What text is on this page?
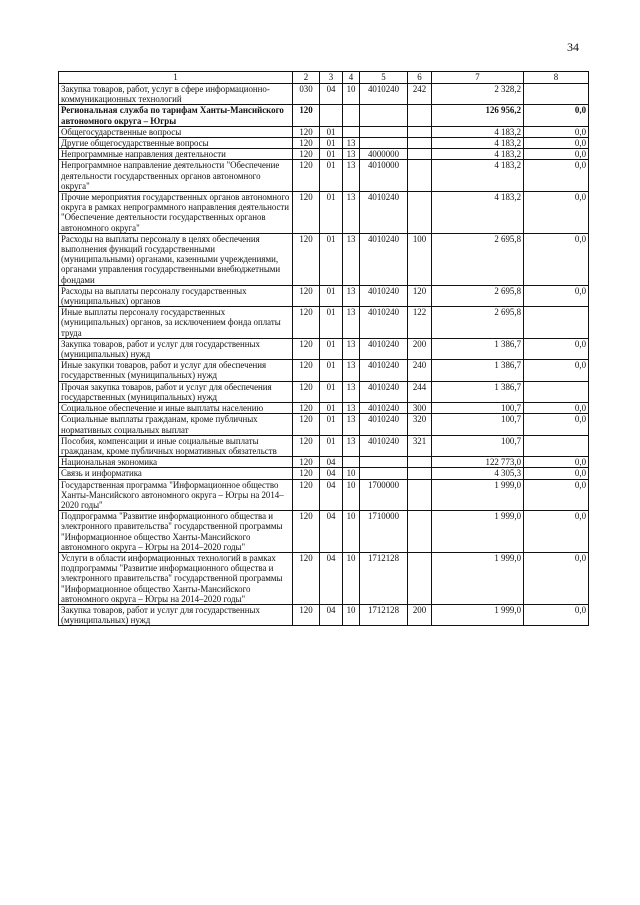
34
1	2	3	4	5	6	7	8
Закупка товаров, работ, услуг в сфере информационно-коммуникационных технологий	030	04	10	4010240	242	2 328,2	
Региональная служба по тарифам Ханты-Мансийского автономного округа – Югры	120					126 956,2	0,0
Общегосударственные вопросы	120	01				4 183,2	0,0
Другие общегосударственные вопросы	120	01	13			4 183,2	0,0
Непрограммные направления деятельности	120	01	13	4000000		4 183,2	0,0
Непрограммное направление деятельности "Обеспечение деятельности государственных органов автономного округа"	120	01	13	4010000		4 183,2	0,0
Прочие мероприятия государственных органов автономного округа в рамках непрограммного направления деятельности "Обеспечение деятельности государственных органов автономного округа"	120	01	13	4010240		4 183,2	0,0
Расходы на выплаты персоналу в целях обеспечения выполнения функций государственными (муниципальными) органами, казенными учреждениями, органами управления государственными внебюджетными фондами	120	01	13	4010240	100	2 695,8	0,0
Расходы на выплаты персоналу государственных (муниципальных) органов	120	01	13	4010240	120	2 695,8	0,0
Иные выплаты персоналу государственных (муниципальных) органов, за исключением фонда оплаты труда	120	01	13	4010240	122	2 695,8	
Закупка товаров, работ и услуг для государственных (муниципальных) нужд	120	01	13	4010240	200	1 386,7	0,0
Иные закупки товаров, работ и услуг для обеспечения государственных (муниципальных) нужд	120	01	13	4010240	240	1 386,7	0,0
Прочая закупка товаров, работ и услуг для обеспечения государственных (муниципальных) нужд	120	01	13	4010240	244	1 386,7	
Социальное обеспечение и иные выплаты населению	120	01	13	4010240	300	100,7	0,0
Социальные выплаты гражданам, кроме публичных нормативных социальных выплат	120	01	13	4010240	320	100,7	0,0
Пособия, компенсации и иные социальные выплаты гражданам, кроме публичных нормативных обязательств	120	01	13	4010240	321	100,7	
Национальная экономика	120	04				122 773,0	0,0
Связь и информатика	120	04	10			4 305,3	0,0
Государственная программа "Информационное общество Ханты-Мансийского автономного округа – Югры на 2014–2020 годы"	120	04	10	1700000		1 999,0	0,0
Подпрограмма "Развитие информационного общества и электронного правительства" государственной программы "Информационное общество Ханты-Мансийского автономного округа – Югры на 2014–2020 годы"	120	04	10	1710000		1 999,0	0,0
Услуги в области информационных технологий в рамках подпрограммы "Развитие информационного общества и электронного правительства" государственной программы "Информационное общество Ханты-Мансийского автономного округа – Югры на 2014–2020 годы"	120	04	10	1712128		1 999,0	0,0
Закупка товаров, работ и услуг для государственных (муниципальных) нужд	120	04	10	1712128	200	1 999,0	0,0
